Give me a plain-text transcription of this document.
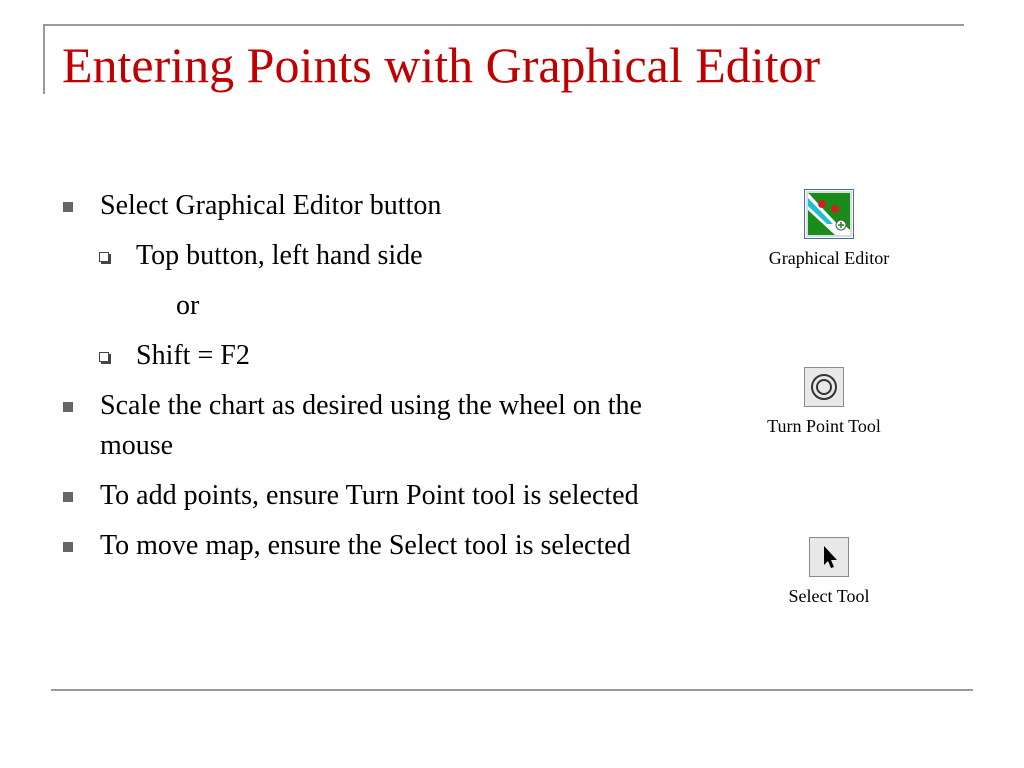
Entering Points with Graphical Editor
Select Graphical Editor button
Top button, left hand side
or
Shift = F2
Scale the chart as desired using the wheel on the mouse
To add points, ensure Turn Point tool is selected
To move map, ensure the Select tool is selected
Graphical Editor
Turn Point Tool
Select Tool
